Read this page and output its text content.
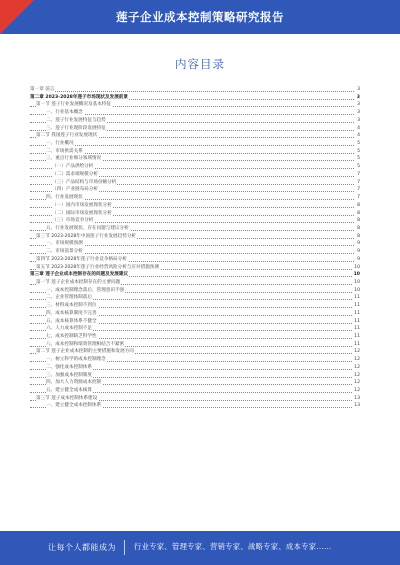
莲子企业成本控制策略研究报告
内容目录
第一章 前言	3
第二章 2023-2028年莲子市场现状及发展前景	3
第一节 莲子行业发展概况及基本特征	3
一、行业基本概念	3
二、莲子行业发展特征与趋势	3
三、莲子行业现阶段发展特征	4
第二节 我国莲子行业发展现状	4
一、行业概况	5
二、市场供需关系	5
三、重点行业细分领域情况	5
（一）产品供给分析	5
（二）需求端规模分析	7
（三）产品结构与市场份额分析	7
（四）产业链布局分析	7
四、行业发展现状	7
（一）国内市场发展现状分析	8
（二）国际市场发展现状分析	8
（三）市场竞争分析	8
五、行业发展现状、存在问题与建议分析	8
第三节 2023-2028年中国莲子行业发展趋势分析	8
一、市场规模预测	9
二、市场前景分析	9
第四节 2023-2028年莲子行业竞争格局分析	9
第五节 2023-2028年莲子行业经营风险分析与应对措施预测	10
第三章 莲子企业成本控制存在的问题及发展建议	10
第一节 莲子企业成本控制存在的主要问题	10
一、成本控制理念落后，管理意识不强	10
二、企业管理体制落后	11
三、材料成本控制不到位	11
四、成本核算制度不完善	11
五、成本核算体系不健全	11
六、人力成本控制不足	11
七、成本控制缺乏科学性	11
八、成本控制和绩效管理相结合不紧密	11
第二节 莲子企业成本控制的主要措施和发展方向	12
一、树立科学的成本控制理念	12
二、强化成本控制体系	12
三、加强成本控制制度	12
四、加大人力资源成本控制	12
五、建立健全成本核算	12
第三节 莲子成本控制体系建设	13
一、建立健全成本控制体系	13
让每个人都能成为 行业专家、管理专家、营销专家、战略专家、成本专家……
